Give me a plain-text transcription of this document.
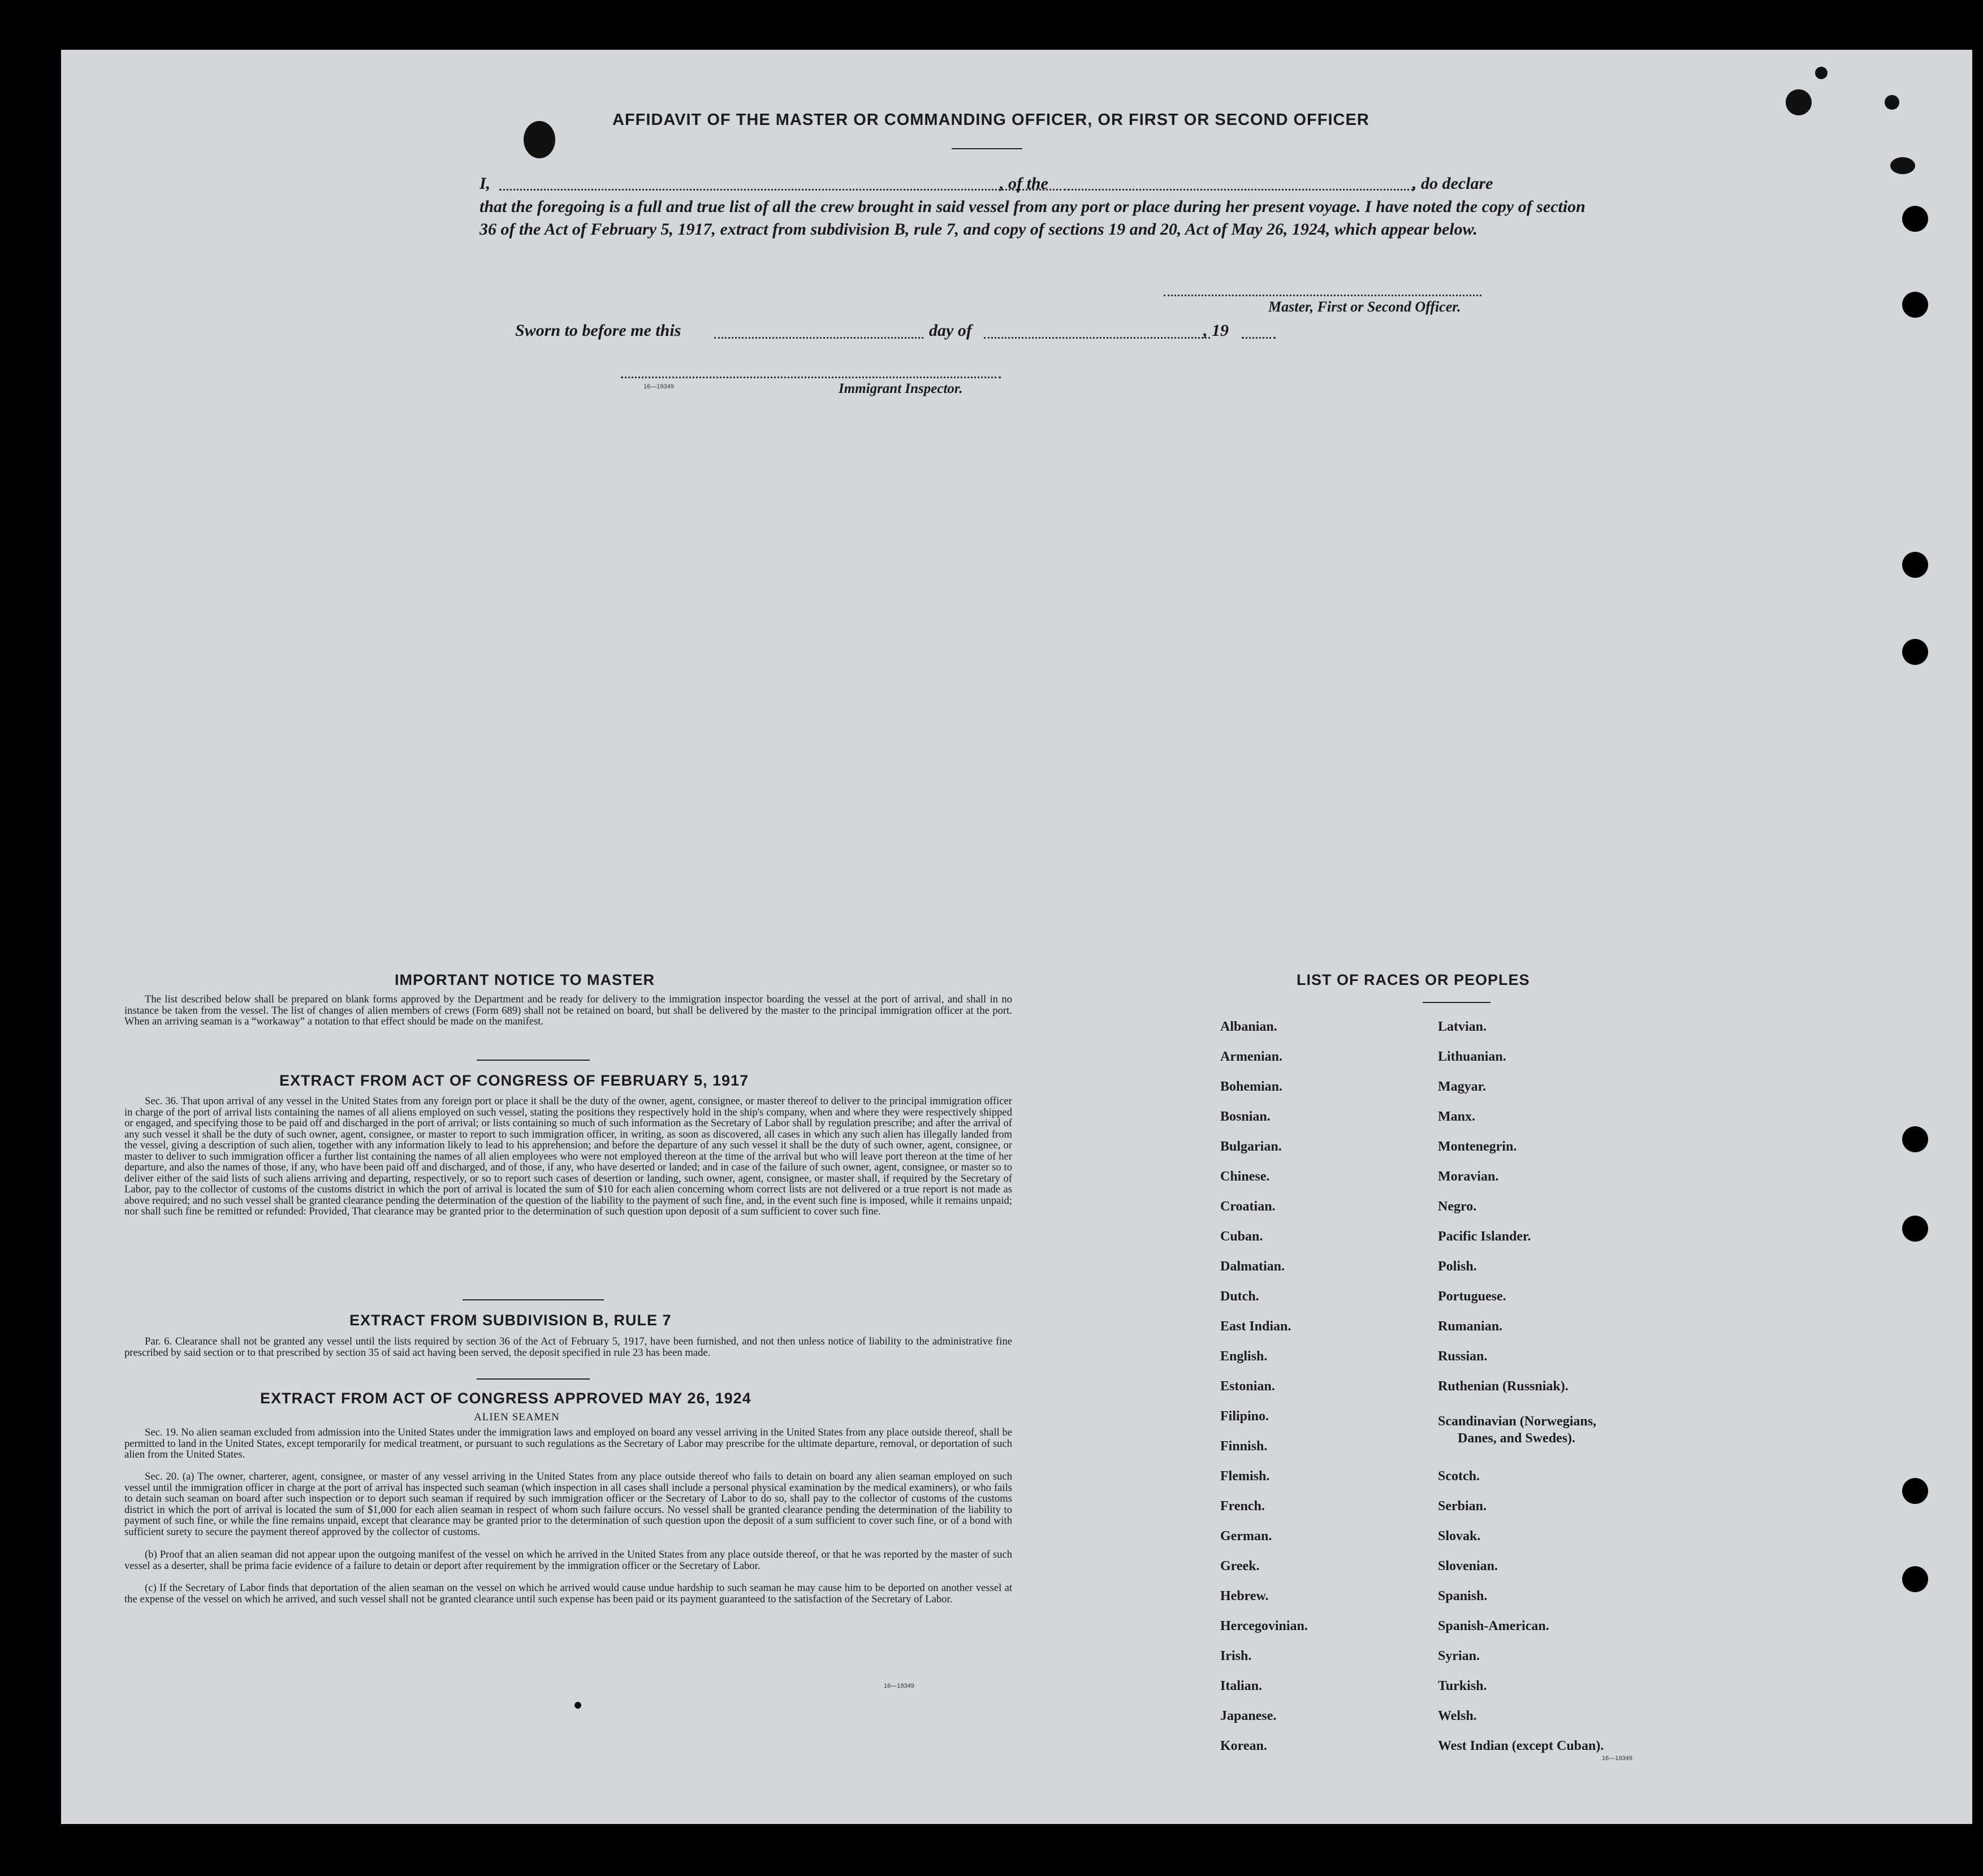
AFFIDAVIT OF THE MASTER OR COMMANDING OFFICER, OR FIRST OR SECOND OFFICER
I,	, of the	, do declare
that the foregoing is a full and true list of all the crew brought in said vessel from any port or place during her present voyage. I have noted the copy of section 36 of the Act of February 5, 1917, extract from subdivision B, rule 7, and copy of sections 19 and 20, Act of May 26, 1924, which appear below.
Master, First or Second Officer.
Sworn to before me this	day of	, 19
16—19349	Immigrant Inspector.
IMPORTANT NOTICE TO MASTER
The list described below shall be prepared on blank forms approved by the Department and be ready for delivery to the immigration inspector boarding the vessel at the port of arrival, and shall in no instance be taken from the vessel. The list of changes of alien members of crews (Form 689) shall not be retained on board, but shall be delivered by the master to the principal immigration officer at the port. When an arriving seaman is a “workaway” a notation to that effect should be made on the manifest.
EXTRACT FROM ACT OF CONGRESS OF FEBRUARY 5, 1917
Sec. 36. That upon arrival of any vessel in the United States from any foreign port or place it shall be the duty of the owner, agent, consignee, or master thereof to deliver to the principal immigration officer in charge of the port of arrival lists containing the names of all aliens employed on such vessel, stating the positions they respectively hold in the ship's company, when and where they were respectively shipped or engaged, and specifying those to be paid off and discharged in the port of arrival; or lists containing so much of such information as the Secretary of Labor shall by regulation prescribe; and after the arrival of any such vessel it shall be the duty of such owner, agent, consignee, or master to report to such immigration officer, in writing, as soon as discovered, all cases in which any such alien has illegally landed from the vessel, giving a description of such alien, together with any information likely to lead to his apprehension; and before the departure of any such vessel it shall be the duty of such owner, agent, consignee, or master to deliver to such immigration officer a further list containing the names of all alien employees who were not employed thereon at the time of the arrival but who will leave port thereon at the time of her departure, and also the names of those, if any, who have been paid off and discharged, and of those, if any, who have deserted or landed; and in case of the failure of such owner, agent, consignee, or master so to deliver either of the said lists of such aliens arriving and departing, respectively, or so to report such cases of desertion or landing, such owner, agent, consignee, or master shall, if required by the Secretary of Labor, pay to the collector of customs of the customs district in which the port of arrival is located the sum of $10 for each alien concerning whom correct lists are not delivered or a true report is not made as above required; and no such vessel shall be granted clearance pending the determination of the question of the liability to the payment of such fine, and, in the event such fine is imposed, while it remains unpaid; nor shall such fine be remitted or refunded: Provided, That clearance may be granted prior to the determination of such question upon deposit of a sum sufficient to cover such fine.
EXTRACT FROM SUBDIVISION B, RULE 7
Par. 6. Clearance shall not be granted any vessel until the lists required by section 36 of the Act of February 5, 1917, have been furnished, and not then unless notice of liability to the administrative fine prescribed by said section or to that prescribed by section 35 of said act having been served, the deposit specified in rule 23 has been made.
EXTRACT FROM ACT OF CONGRESS APPROVED MAY 26, 1924
ALIEN SEAMEN
Sec. 19. No alien seaman excluded from admission into the United States under the immigration laws and employed on board any vessel arriving in the United States from any place outside thereof, shall be permitted to land in the United States, except temporarily for medical treatment, or pursuant to such regulations as the Secretary of Labor may prescribe for the ultimate departure, removal, or deportation of such alien from the United States.
Sec. 20. (a) The owner, charterer, agent, consignee, or master of any vessel arriving in the United States from any place outside thereof who fails to detain on board any alien seaman employed on such vessel until the immigration officer in charge at the port of arrival has inspected such seaman (which inspection in all cases shall include a personal physical examination by the medical examiners), or who fails to detain such seaman on board after such inspection or to deport such seaman if required by such immigration officer or the Secretary of Labor to do so, shall pay to the collector of customs of the customs district in which the port of arrival is located the sum of $1,000 for each alien seaman in respect of whom such failure occurs. No vessel shall be granted clearance pending the determination of the liability to payment of such fine, or while the fine remains unpaid, except that clearance may be granted prior to the determination of such question upon the deposit of a sum sufficient to cover such fine, or of a bond with sufficient surety to secure the payment thereof approved by the collector of customs.
(b) Proof that an alien seaman did not appear upon the outgoing manifest of the vessel on which he arrived in the United States from any place outside thereof, or that he was reported by the master of such vessel as a deserter, shall be prima facie evidence of a failure to detain or deport after requirement by the immigration officer or the Secretary of Labor.
(c) If the Secretary of Labor finds that deportation of the alien seaman on the vessel on which he arrived would cause undue hardship to such seaman he may cause him to be deported on another vessel at the expense of the vessel on which he arrived, and such vessel shall not be granted clearance until such expense has been paid or its payment guaranteed to the satisfaction of the Secretary of Labor.
16—19349
LIST OF RACES OR PEOPLES
Albanian.
Armenian.
Bohemian.
Bosnian.
Bulgarian.
Chinese.
Croatian.
Cuban.
Dalmatian.
Dutch.
East Indian.
English.
Estonian.
Filipino.
Finnish.
Flemish.
French.
German.
Greek.
Hebrew.
Hercegovinian.
Irish.
Italian.
Japanese.
Korean.
Latvian.
Lithuanian.
Magyar.
Manx.
Montenegrin.
Moravian.
Negro.
Pacific Islander.
Polish.
Portuguese.
Rumanian.
Russian.
Ruthenian (Russniak).
Scandinavian (Norwegians,
Danes, and Swedes).
Scotch.
Serbian.
Slovak.
Slovenian.
Spanish.
Spanish-American.
Syrian.
Turkish.
Welsh.
West Indian (except Cuban).
16—19349
